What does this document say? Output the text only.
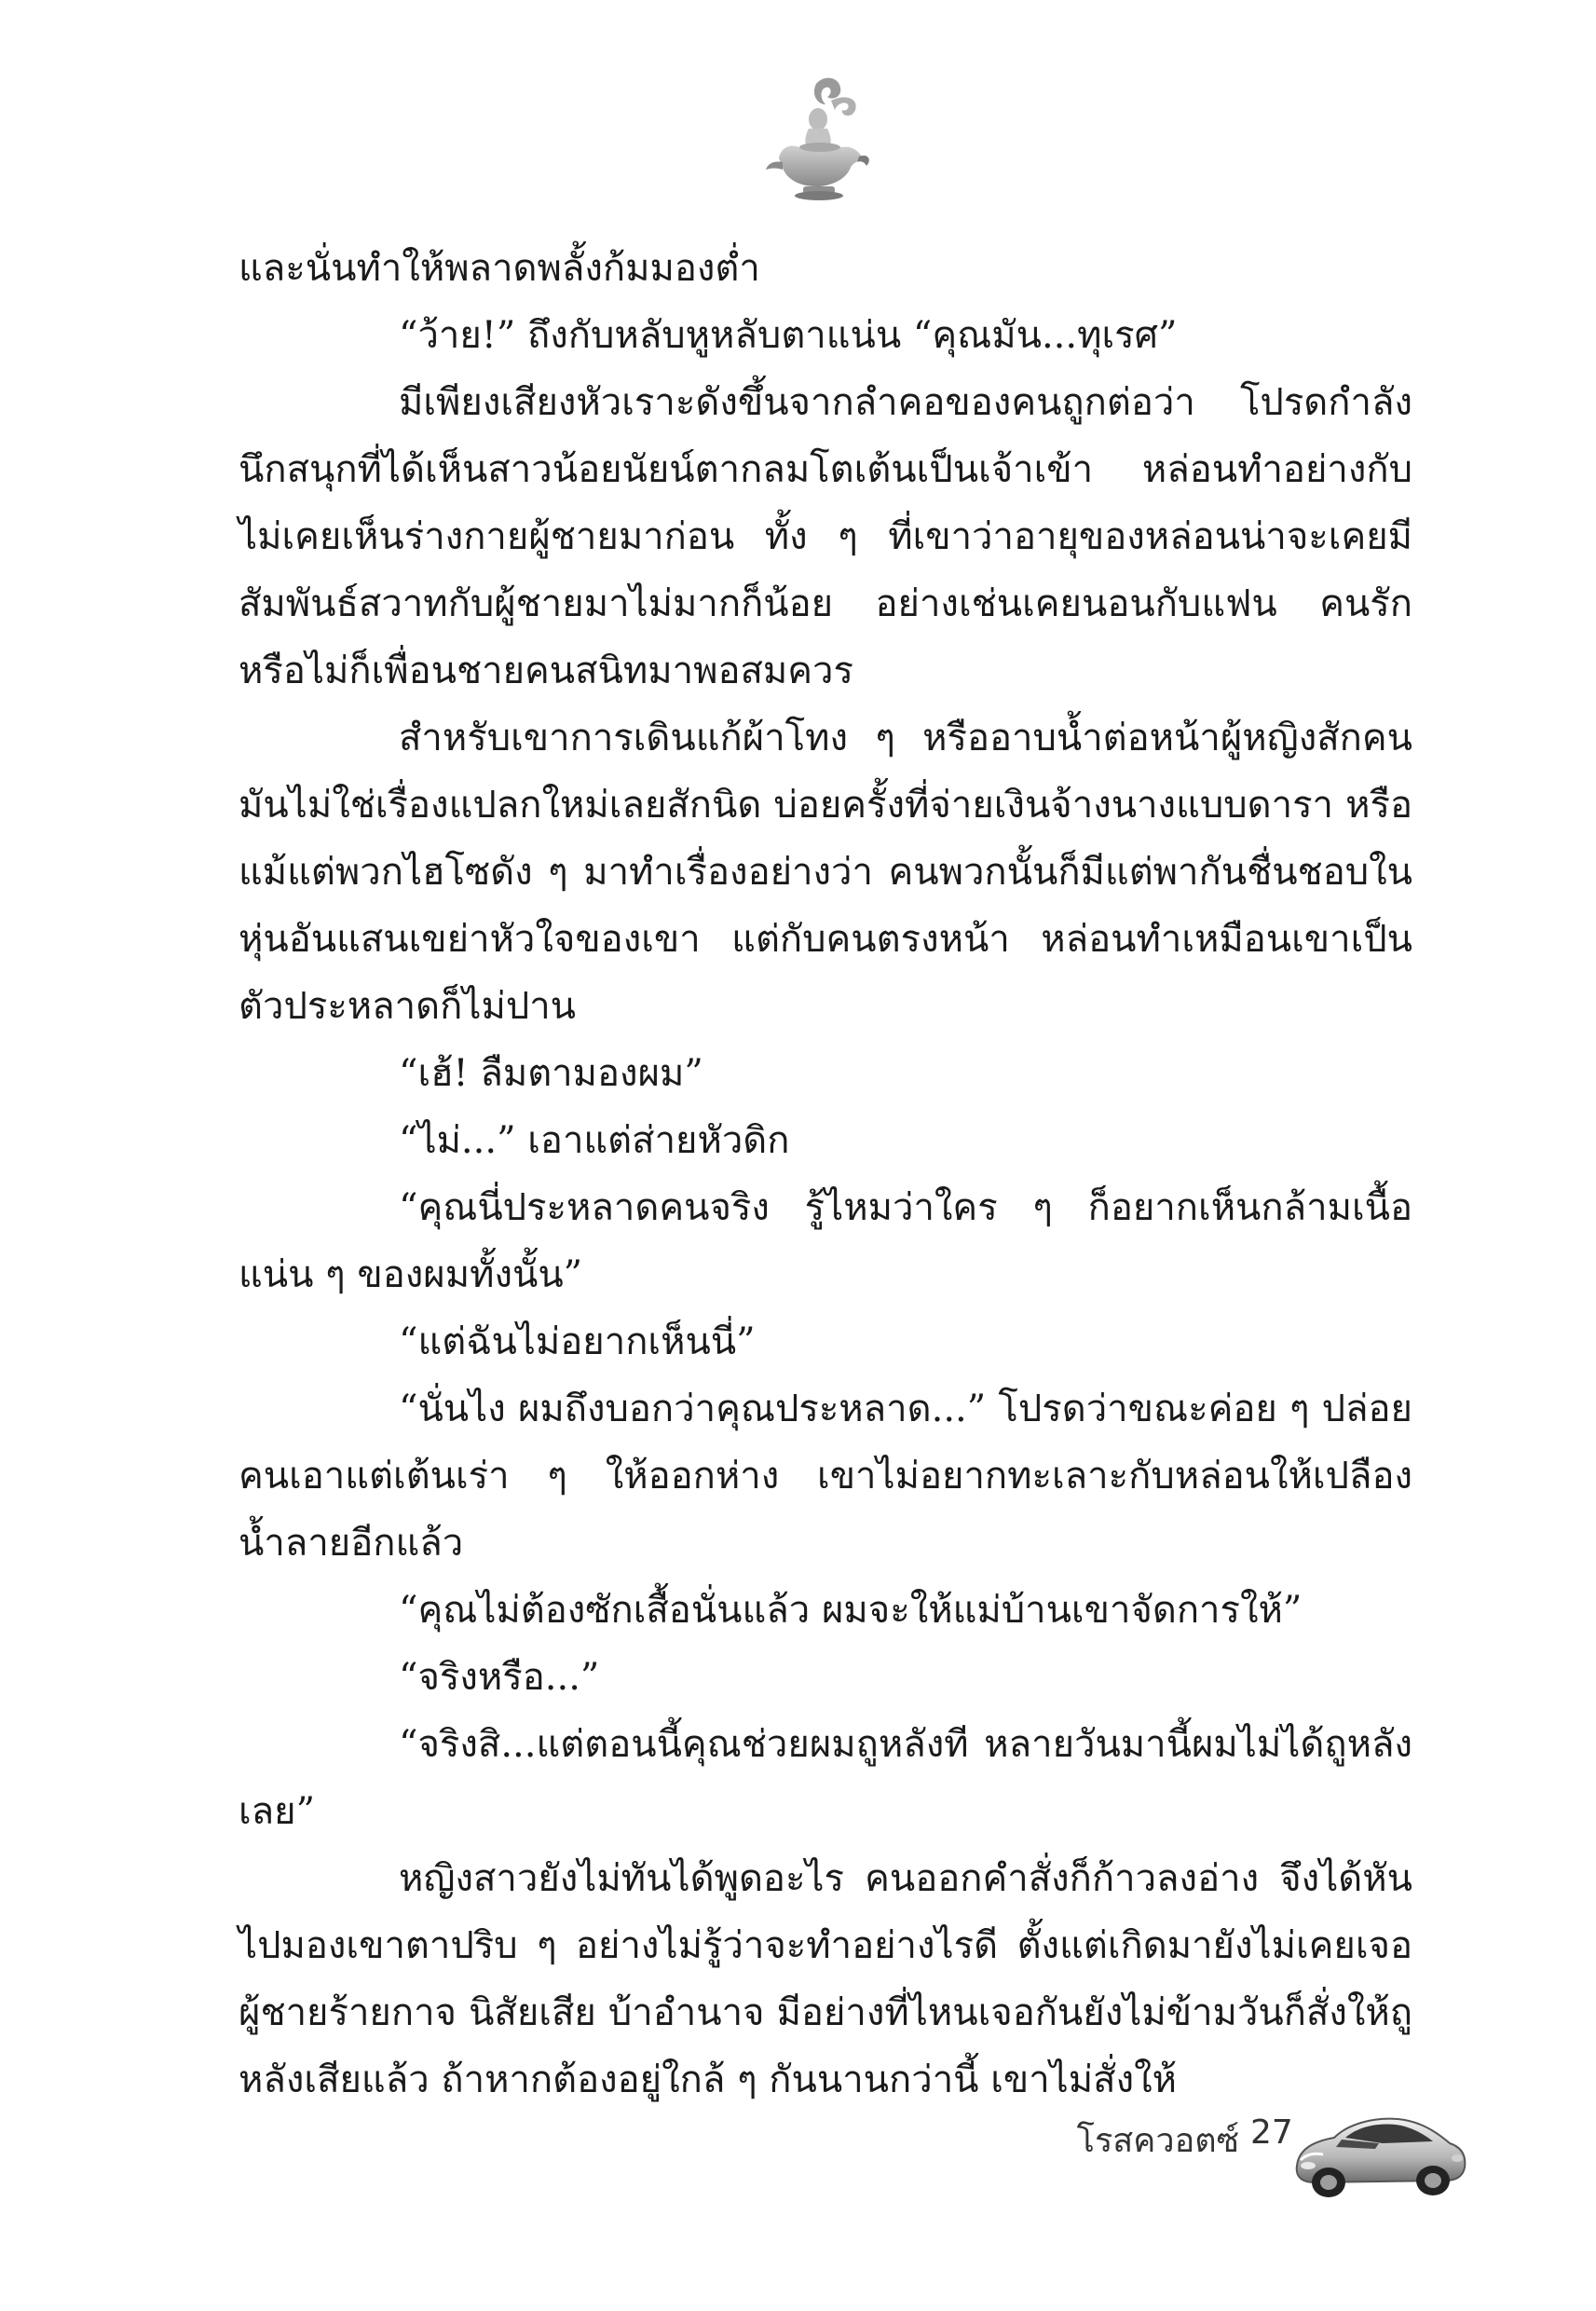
และนั่นทำให้พลาดพลั้งก้มมองต่ำ

“ว้าย!” ถึงกับหลับหูหลับตาแน่น “คุณมัน...ทุเรศ”

มีเพียงเสียงหัวเราะดังขึ้นจากลำคอของคนถูกต่อว่า โปรดกำลังนึกสนุกที่ได้เห็นสาวน้อยนัยน์ตากลมโตเต้นเป็นเจ้าเข้า หล่อนทำอย่างกับไม่เคยเห็นร่างกายผู้ชายมาก่อน ทั้ง ๆ ที่เขาว่าอายุของหล่อนน่าจะเคยมีสัมพันธ์สวาทกับผู้ชายมาไม่มากก็น้อย อย่างเช่นเคยนอนกับแฟน คนรัก หรือไม่ก็เพื่อนชายคนสนิทมาพอสมควร

สำหรับเขาการเดินแก้ผ้าโทง ๆ หรืออาบน้ำต่อหน้าผู้หญิงสักคนมันไม่ใช่เรื่องแปลกใหม่เลยสักนิด บ่อยครั้งที่จ่ายเงินจ้างนางแบบดารา หรือแม้แต่พวกไฮโซดัง ๆ มาทำเรื่องอย่างว่า คนพวกนั้นก็มีแต่พากันชื่นชอบในหุ่นอันแสนเขย่าหัวใจของเขา แต่กับคนตรงหน้า หล่อนทำเหมือนเขาเป็นตัวประหลาดก็ไม่ปาน

“เฮ้! ลืมตามองผม”

“ไม่...” เอาแต่ส่ายหัวดิก

“คุณนี่ประหลาดคนจริง รู้ไหมว่าใคร ๆ ก็อยากเห็นกล้ามเนื้อแน่น ๆ ของผมทั้งนั้น”

“แต่ฉันไม่อยากเห็นนี่”

“นั่นไง ผมถึงบอกว่าคุณประหลาด...” โปรดว่าขณะค่อย ๆ ปล่อยคนเอาแต่เต้นเร่า ๆ ให้ออกห่าง เขาไม่อยากทะเลาะกับหล่อนให้เปลืองน้ำลายอีกแล้ว

“คุณไม่ต้องซักเสื้อนั่นแล้ว ผมจะให้แม่บ้านเขาจัดการให้”

“จริงหรือ...”

“จริงสิ...แต่ตอนนี้คุณช่วยผมถูหลังที หลายวันมานี้ผมไม่ได้ถูหลังเลย”

หญิงสาวยังไม่ทันได้พูดอะไร คนออกคำสั่งก็ก้าวลงอ่าง จึงได้หันไปมองเขาตาปริบ ๆ อย่างไม่รู้ว่าจะทำอย่างไรดี ตั้งแต่เกิดมายังไม่เคยเจอผู้ชายร้ายกาจ นิสัยเสีย บ้าอำนาจ มีอย่างที่ไหนเจอกันยังไม่ข้ามวันก็สั่งให้ถูหลังเสียแล้ว ถ้าหากต้องอยู่ใกล้ ๆ กันนานกว่านี้ เขาไม่สั่งให้

โรสควอตซ์ 27
